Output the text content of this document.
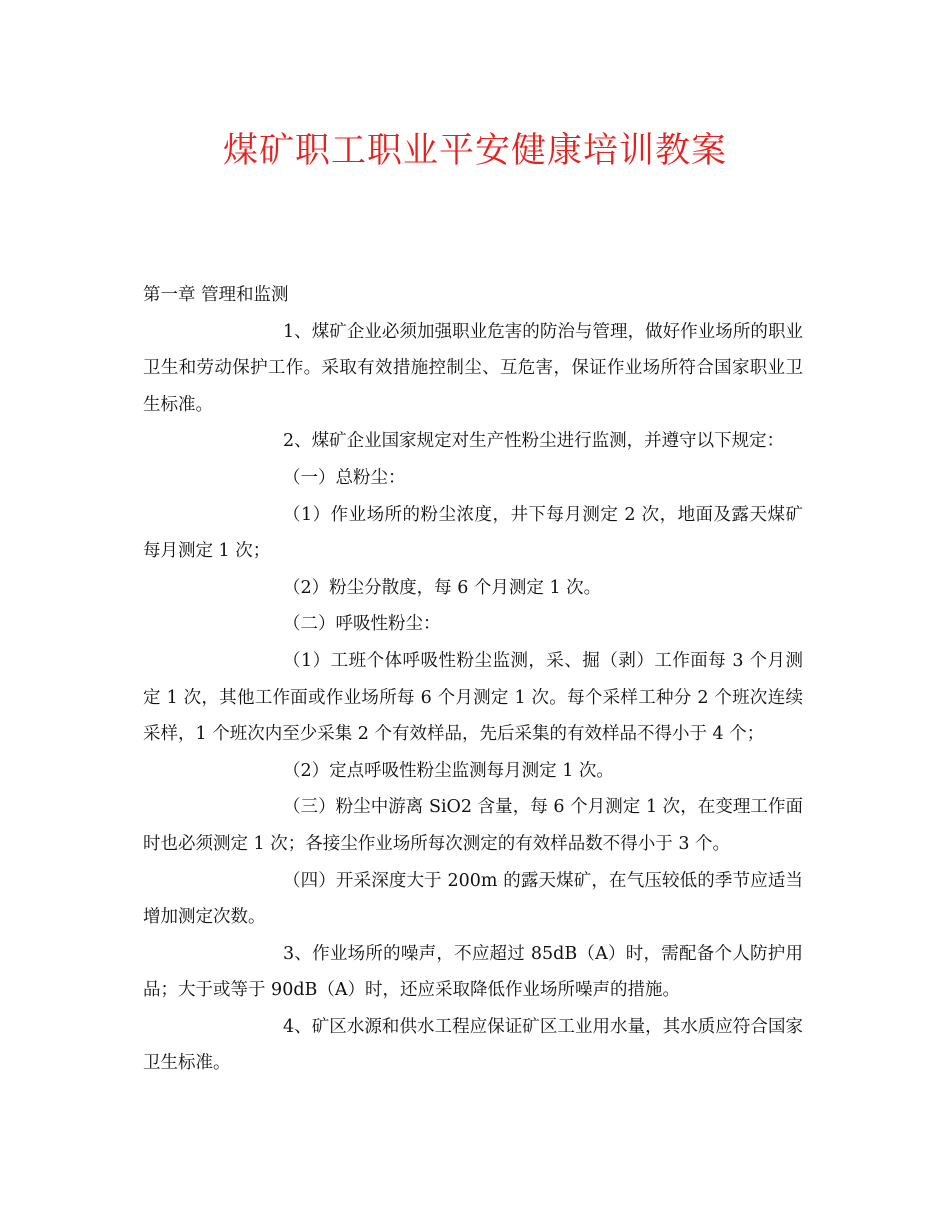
煤矿职工职业平安健康培训教案

第一章 管理和监测

1、煤矿企业必须加强职业危害的防治与管理，做好作业场所的职业卫生和劳动保护工作。采取有效措施控制尘、互危害，保证作业场所符合国家职业卫生标准。

2、煤矿企业国家规定对生产性粉尘进行监测，并遵守以下规定：

（一）总粉尘：

（1）作业场所的粉尘浓度，井下每月测定 2 次，地面及露天煤矿每月测定 1 次；

（2）粉尘分散度，每 6 个月测定 1 次。

（二）呼吸性粉尘：

（1）工班个体呼吸性粉尘监测，采、掘（剥）工作面每 3 个月测定 1 次，其他工作面或作业场所每 6 个月测定 1 次。每个采样工种分 2 个班次连续采样，1 个班次内至少采集 2 个有效样品，先后采集的有效样品不得小于 4 个；

（2）定点呼吸性粉尘监测每月测定 1 次。

（三）粉尘中游离 SiO2 含量，每 6 个月测定 1 次，在变理工作面时也必须测定 1 次；各接尘作业场所每次测定的有效样品数不得小于 3 个。

（四）开采深度大于 200m 的露天煤矿，在气压较低的季节应适当增加测定次数。

3、作业场所的噪声，不应超过 85dB（A）时，需配备个人防护用品；大于或等于 90dB（A）时，还应采取降低作业场所噪声的措施。

4、矿区水源和供水工程应保证矿区工业用水量，其水质应符合国家卫生标准。
